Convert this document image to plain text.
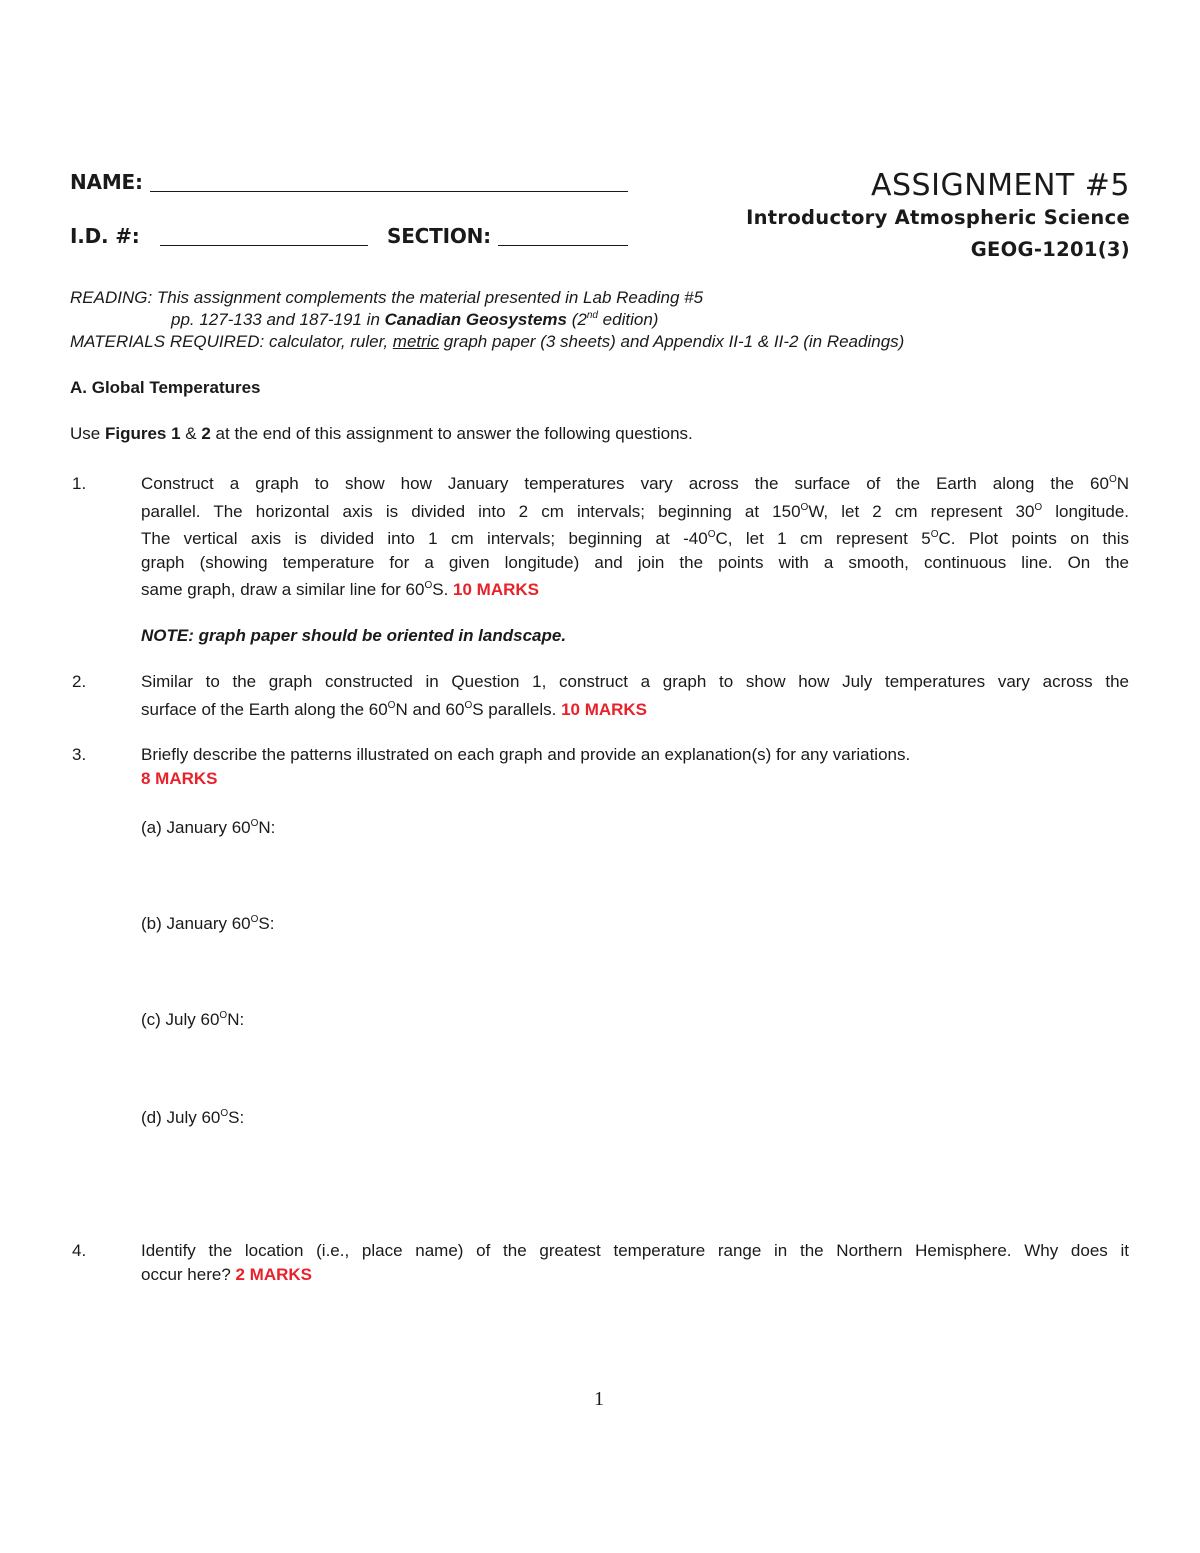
NAME:
I.D. #:	SECTION:
ASSIGNMENT #5
Introductory Atmospheric Science
GEOG-1201(3)
READING: This assignment complements the material presented in Lab Reading #5
pp. 127-133 and 187-191 in Canadian Geosystems (2nd edition)
MATERIALS REQUIRED: calculator, ruler, metric graph paper (3 sheets) and Appendix II-1 & II-2 (in Readings)
A. Global Temperatures
Use Figures 1 & 2 at the end of this assignment to answer the following questions.
1.	Construct a graph to show how January temperatures vary across the surface of the Earth along the $60^ON$
parallel. The horizontal axis is divided into 2 cm intervals; beginning at $150^OW$, let 2 cm represent $30^O$ longitude.
The vertical axis is divided into 1 cm intervals; beginning at $-40^OC$, let 1 cm represent $5^OC$. Plot points on this
graph (showing temperature for a given longitude) and join the points with a smooth, continuous line. On the
same graph, draw a similar line for $60^OS$. 10 MARKS
NOTE: graph paper should be oriented in landscape.
2.	Similar to the graph constructed in Question 1, construct a graph to show how July temperatures vary across the
surface of the Earth along the $60^ON$ and $60^OS$ parallels. 10 MARKS
3.	Briefly describe the patterns illustrated on each graph and provide an explanation(s) for any variations.
8 MARKS
(a) January $60^ON$:
(b) January $60^OS$:
(c) July $60^ON$:
(d) July $60^OS$:
4.	Identify the location (i.e., place name) of the greatest temperature range in the Northern Hemisphere. Why does it
occur here? 2 MARKS
1
